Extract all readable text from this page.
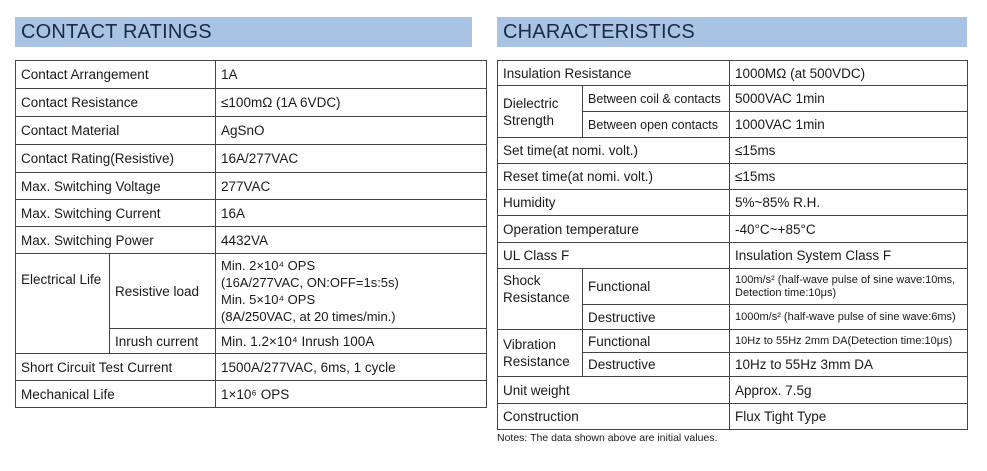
CONTACT RATINGS
Contact Arrangement		1A
Contact Resistance		≤100mΩ (1A 6VDC)
Contact Material		AgSnO
Contact Rating(Resistive)		16A/277VAC
Max. Switching Voltage		277VAC
Max. Switching Current		16A
Max. Switching Power		4432VA
Electrical Life	Resistive load	Min. 2×10⁴ OPS
(16A/277VAC, ON:OFF=1s:5s)
Min. 5×10⁴ OPS
(8A/250VAC, at 20 times/min.)

	Inrush current	Min. 1.2×10⁴ Inrush 100A
Short Circuit Test Current		1500A/277VAC, 6ms, 1 cycle
Mechanical Life		1×10⁶ OPS
CHARACTERISTICS
Insulation Resistance		1000MΩ (at 500VDC)
Dielectric Strength	Between coil & contacts	5000VAC 1min
	Between open contacts	1000VAC 1min
Set time(at nomi. volt.)		≤15ms
Reset time(at nomi. volt.)		≤15ms
Humidity		5%~85% R.H.
Operation temperature		-40°C~+85°C
UL Class F		Insulation System Class F
Shock Resistance	Functional	100m/s² (half-wave pulse of sine wave:10ms, Detection time:10μs)
	Destructive	1000m/s² (half-wave pulse of sine wave:6ms)
Vibration Resistance	Functional	10Hz to 55Hz 2mm DA(Detection time:10μs)
	Destructive	10Hz to 55Hz 3mm DA
Unit weight		Approx. 7.5g
Construction		Flux Tight Type
Notes: The data shown above are initial values.
